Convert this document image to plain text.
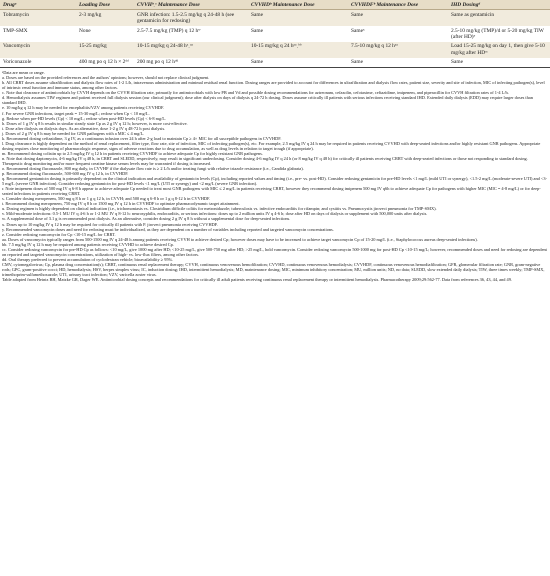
Drugᵃ	Loading Dose	CVVHᵇˌᶜ Maintenance Dose	CVVHDᵇ Maintenance Dose	CVVHDFᵇ Maintenance Dose	IHD Dosingᵈ
Tobramycin	2-3 mg/kg	GNR infection: 1.5-2.5 mg/kg q 24-48 h (see gentamicin for redosing)	Same	Same	Same as gentamicin
TMP-SMX	None	2.5-7.5 mg/kg (TMP) q 12 hʷ	Same	Sameˣ	2.5-10 mg/kg (TMP)/d or 5-20 mg/kg TIW (after HD)ʸ
Vancomycin	15-25 mg/kg	10-15 mg/kg q 24-48 hᶻˌᵃᵃ	10-15 mg/kg q 24 hᵃᵃˌᵇᵇ	7.5-10 mg/kg q 12 hᵃᵃ	Load 15-25 mg/kg on day 1, then give 5-10 mg/kg after HDᶜᶜ
Voriconazole	400 mg po q 12 h × 2ᵈᵈ	200 mg po q 12 hᵈᵈ	Same	Same	Same

ᵃData are mean or range.

a. Doses are based on the provided references and the authors' opinions; however, should not replace clinical judgment.

b. All CRRT doses assume ultrafiltration and dialysis flow rates of 1-2 L/h, intravenous administration and minimal residual renal function. Dosing ranges are provided to account for differences in ultrafiltration and dialysis flow rates, patient size, severity and site of infection, MIC of infecting pathogen(s), level of intrinsic renal function and immune status, among other factors.

c. Note that clearance of antimicrobials by CVVH depends on the CVVH filtration rate, primarily for antimicrobials with low PB and Vd and possible dosing recommendations for aztreonam, cefazolin, cefotaxime, ceftazidime, imipenem, and piperacillin for CVVH filtration rates of 1-4 L/h.

d. Hemodialysis assumes TIW regimen and patient received full dialysis session (our clinical judgment); dose after dialysis on days of dialysis q 24-72 h dosing. Doses assume critically ill patients with serious infections receiving standard IHD. Extended daily dialysis (EDD) may require larger doses than standard IHD.

e. 10 mg/kg q 12 h may be needed for encephalitis/VZV among patients receiving CVVHDF.

f. For severe GNR infections, target peak = 15-30 mg/L; redose when Cp < 10 mg/L.

g. Redose when pre-HD levels (Cp) < 10 mg/L; redose when post-HD levels (Cp) < 6-8 mg/L.

h. Doses of 1 g IV q 8 h results in similar steady state Cp as 2 g IV q 12 h; however, is more cost-effective.

i. Dose after dialysis on dialysis days. As an alternative, dose 1-2 g IV q 48-72 h post dialysis.

j. Doses of 2 g IV q 8 h may be needed for GNR pathogens with a MIC ≤ 4 mg/L.

k. Recommend dosing ceftazidime, 3 g IV, as a continuous infusion over 24 h after 2-g load to maintain Cp ≥ 4× MIC for all susceptible pathogens in CVVHDF.

l. Drug clearance is highly dependent on the method of renal replacement, filter type, flow rate, site of infection, MIC of infecting pathogen(s), etc. For example, 2.5 mg/kg IV q 24 h may be required in patients receiving CVVHD with deep-seated infections and/or highly resistant GNR pathogens. Appropriate dosing requires close monitoring of pharmacologic response, signs of adverse reactions due to drug accumulation, as well as drug levels in relation to target trough (if appropriate).

m. Recommend dosing colistin up to 2.5 mg/kg IV q 12 h in patients receiving CVVHDF to achieve adequate Cp for highly resistant GNR pathogens.

n. Note that dosing daptomycin, 4-6 mg/kg IV q 48 h, in CRRT and SLEDD, respectively, may result in significant underdosing. Consider dosing 4-6 mg/kg IV q 24 h (or 8 mg/kg IV q 48 h) for critically ill patients receiving CRRT with deep-seated infections or those not responding to standard dosing. Therapeutic drug monitoring and/or more frequent creatine kinase serum levels may be warranted if dosing is increased.

o. Recommend dosing fluconazole, 800 mg daily, in CVVHF if the dialysate flow rate is ≥ 2 L/h and/or treating fungi with relative triazole resistance (i.e., Candida glabrata).

p. Recommend dosing fluconazole, 500-600 mg IV q 12 h, in CVVHDF.

q. Recommend gentamicin dosing is primarily dependent on the clinical indication and availability of gentamicin levels (Cp), including reported values and timing (i.e., pre- vs. post-HD). Consider redosing gentamicin for pre-HD levels <1 mg/L (mild UTI or synergy), <1.5-2 mg/L (moderate-severe UTI) and <3-5 mg/L (severe GNR infection). Consider redosing gentamicin for post-HD levels <1 mg/L (UTI or synergy) and <2 mg/L (severe GNR infection).

r. Note imipenem doses of 500 mg IV q 6-8 h appear to achieve adequate Cp needed to treat most GNR pathogens with MIC ≤ 2 mg/L in patients receiving CRRT, however they recommend dosing imipenem 500 mg IV q6h to achieve adequate Cp for pathogens with higher MIC (MIC = 4-8 mg/L) or for deep-seated infections in patients receiving CRRT.

s. Consider dosing meropenem, 500 mg q 8 h or 1 g q 12 h, in CVVH; and 500 mg q 6-8 h or 1 g q 8-12 h in CVVHDF.

t. Recommend dosing meropenem, 750 mg IV q 8 h or 1500 mg IV q 12 h in CVVHDF to optimize pharmacodynamic target attainment.

u. Dosing regimen is highly dependent on clinical indication (i.e., trichomoniasis vs. Clostridium difficile colitis for metronidazole; tuberculosis vs. infective endocarditis for rifampin; and cystitis vs. Pneumocystis jiroveci pneumonia for TMP-SMX).

v. Mild-moderate infections: 0.5-1 MU IV q 4-6 h or 1-2 MU IV q 8-12 h: neurosyphilis, endocarditis, or serious infections: doses up to 2 million units IV q 4-6 h; dose after HD on days of dialysis or supplement with 500,000 units after dialysis.

w. A supplemental dose of 3.1 g is recommended post dialysis. As an alternative, consider dosing 2 g IV q 8 h without a supplemental dose for deep-seated infections.

x. Doses up to 10 mg/kg IV q 12 h may be required for critically ill patients with P. jiroveci pneumonia receiving CVVHDF.

y. Recommended vancomycin doses and need for redosing must be individualized, as they are dependent on a number of variables including reported and targeted vancomycin concentrations.

z. Consider redosing vancomycin for Cp <10-15 mg/L for CRRT.

aa. Doses of vancomycin typically ranges from 500-1500 mg IV q 24-48 h among patients receiving CVVH to achieve desired Cp; however doses may have to be increased to achieve target vancomycin Cp of 15-20 mg/L (i.e., Staphylococcus aureus deep-seated infections).

bb. 7.5 mg/kg IV q 12 h may be required among patients receiving CVVHD to achieve desired Cp.

cc. Consider redosing vancomycin for pre-HD Cp as follows: <10 mg/L, give 1000 mg after HD; <10-25 mg/L, give 500-750 mg after HD; >25 mg/L, hold vancomycin. Consider redosing vancomycin 500-1000 mg for post-HD Cp <10-15 mg/L; however, recommended doses and need for redosing are dependent on reported and targeted vancomycin concentrations, utilization of high- vs. low-flux filters, among other factors.

dd. Oral therapy preferred to prevent accumulation of cyclodextran vehicle; bioavailability ≥ 95%.

CMV, cytomegalovirus; Cp, plasma drug concentration(s); CRRT, continuous renal replacement therapy; CVVH, continuous venovenous hemofiltration; CVVHD, continuous venovenous hemodialysis; CVVHDF, continuous venovenous hemodiafiltration; GFR, glomerular filtration rate; GNR, gram-negative rods; GPC, gram-positive cocci; HD, hemodialysis; HSV, herpes simplex virus; IC, induction dosing; IHD, intermittent hemodialysis; MD, maintenance dosing; MIC, minimum inhibitory concentration; MU, million units; ND, no data; SLEDD, slow extended daily dialysis; TIW, three times weekly; TMP-SMX, trimethoprim-sulfamethoxazole; UTI, urinary tract infection; VZV, varicella zoster virus.

Table adapted from Heintz BH, Matzke GR, Dager WE. Antimicrobial dosing concepts and recommendations for critically ill adult patients receiving continuous renal replacement therapy or intermittent hemodialysis. Pharmacotherapy 2009;29:562-77. Data from references 36, 43, 44, and 49.
